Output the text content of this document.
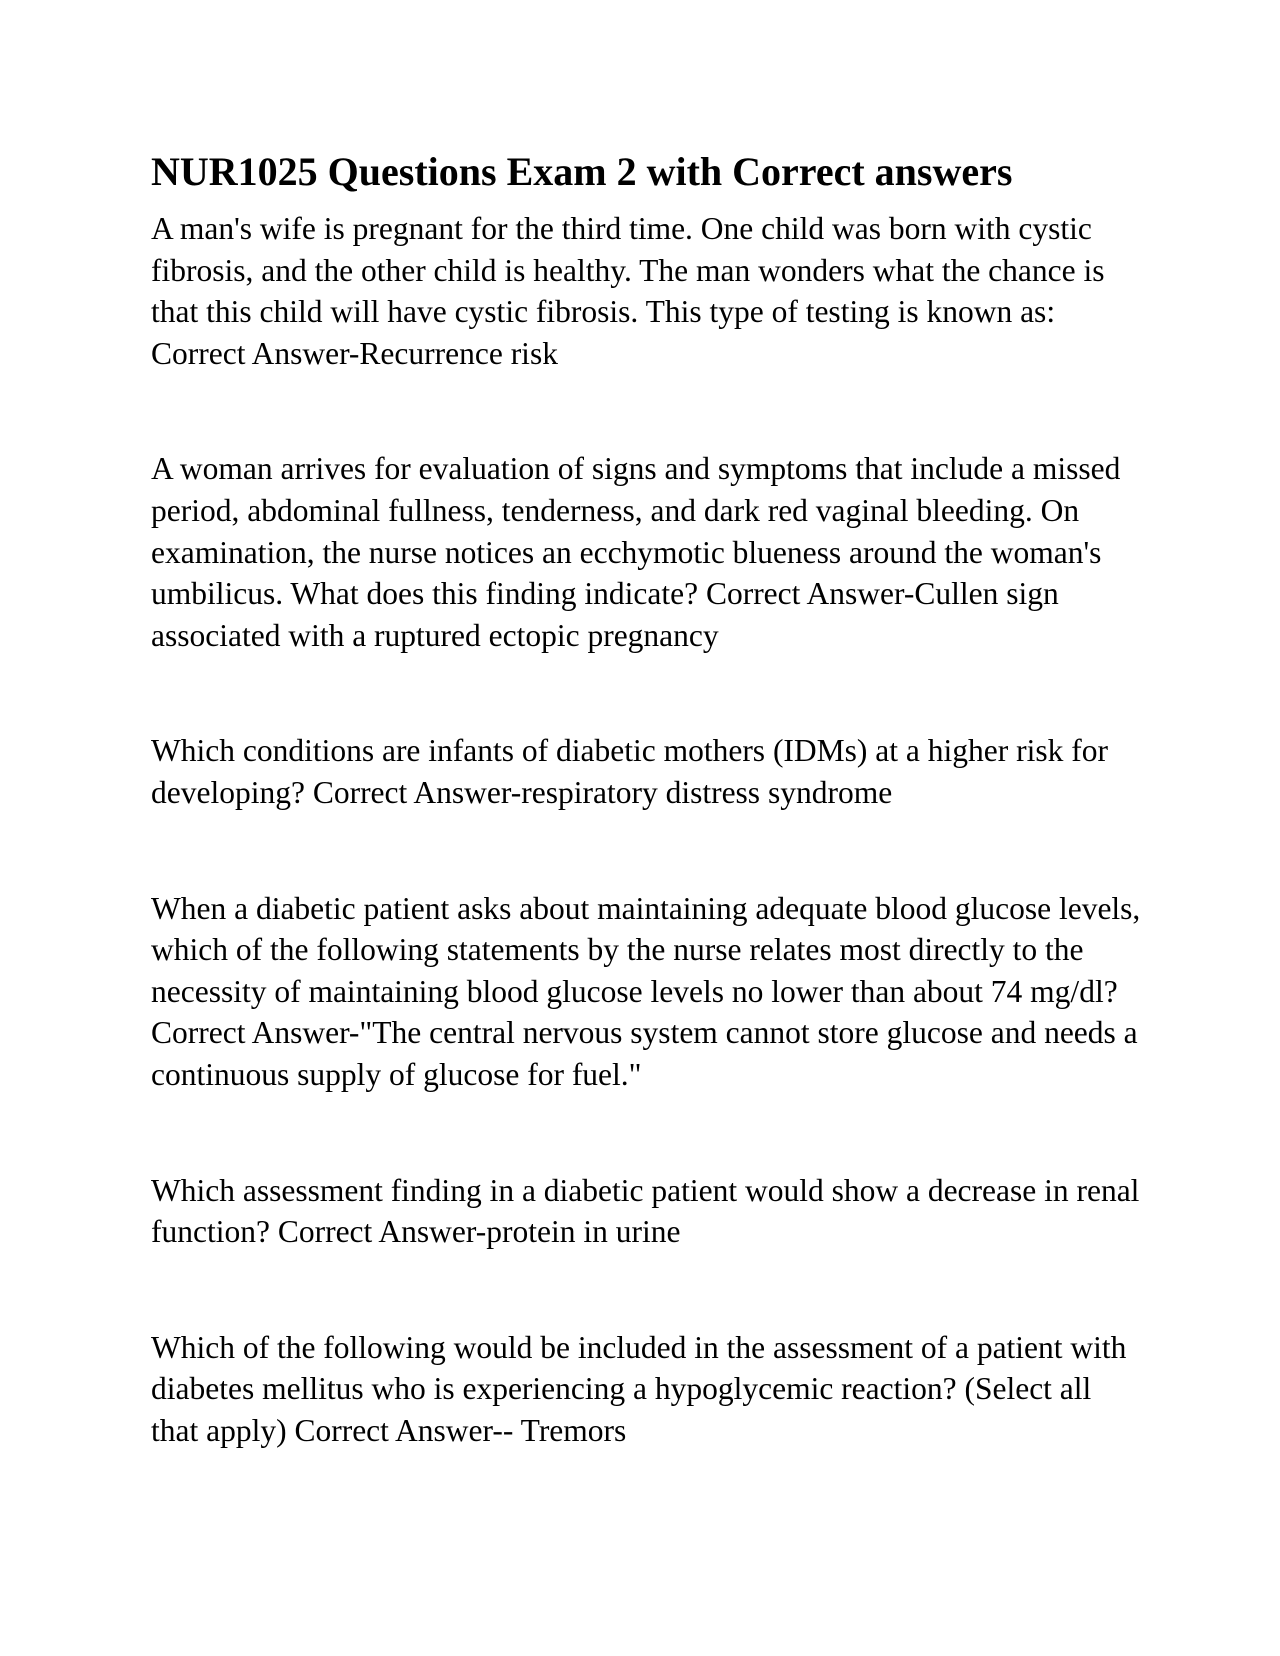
NUR1025 Questions Exam 2 with Correct answers

A man's wife is pregnant for the third time. One child was born with cystic fibrosis, and the other child is healthy. The man wonders what the chance is that this child will have cystic fibrosis. This type of testing is known as: Correct Answer-Recurrence risk

A woman arrives for evaluation of signs and symptoms that include a missed period, abdominal fullness, tenderness, and dark red vaginal bleeding. On examination, the nurse notices an ecchymotic blueness around the woman's umbilicus. What does this finding indicate? Correct Answer-Cullen sign associated with a ruptured ectopic pregnancy

Which conditions are infants of diabetic mothers (IDMs) at a higher risk for developing? Correct Answer-respiratory distress syndrome

When a diabetic patient asks about maintaining adequate blood glucose levels, which of the following statements by the nurse relates most directly to the necessity of maintaining blood glucose levels no lower than about 74 mg/dl? Correct Answer-"The central nervous system cannot store glucose and needs a continuous supply of glucose for fuel."

Which assessment finding in a diabetic patient would show a decrease in renal function? Correct Answer-protein in urine

Which of the following would be included in the assessment of a patient with diabetes mellitus who is experiencing a hypoglycemic reaction? (Select all that apply) Correct Answer-- Tremors
